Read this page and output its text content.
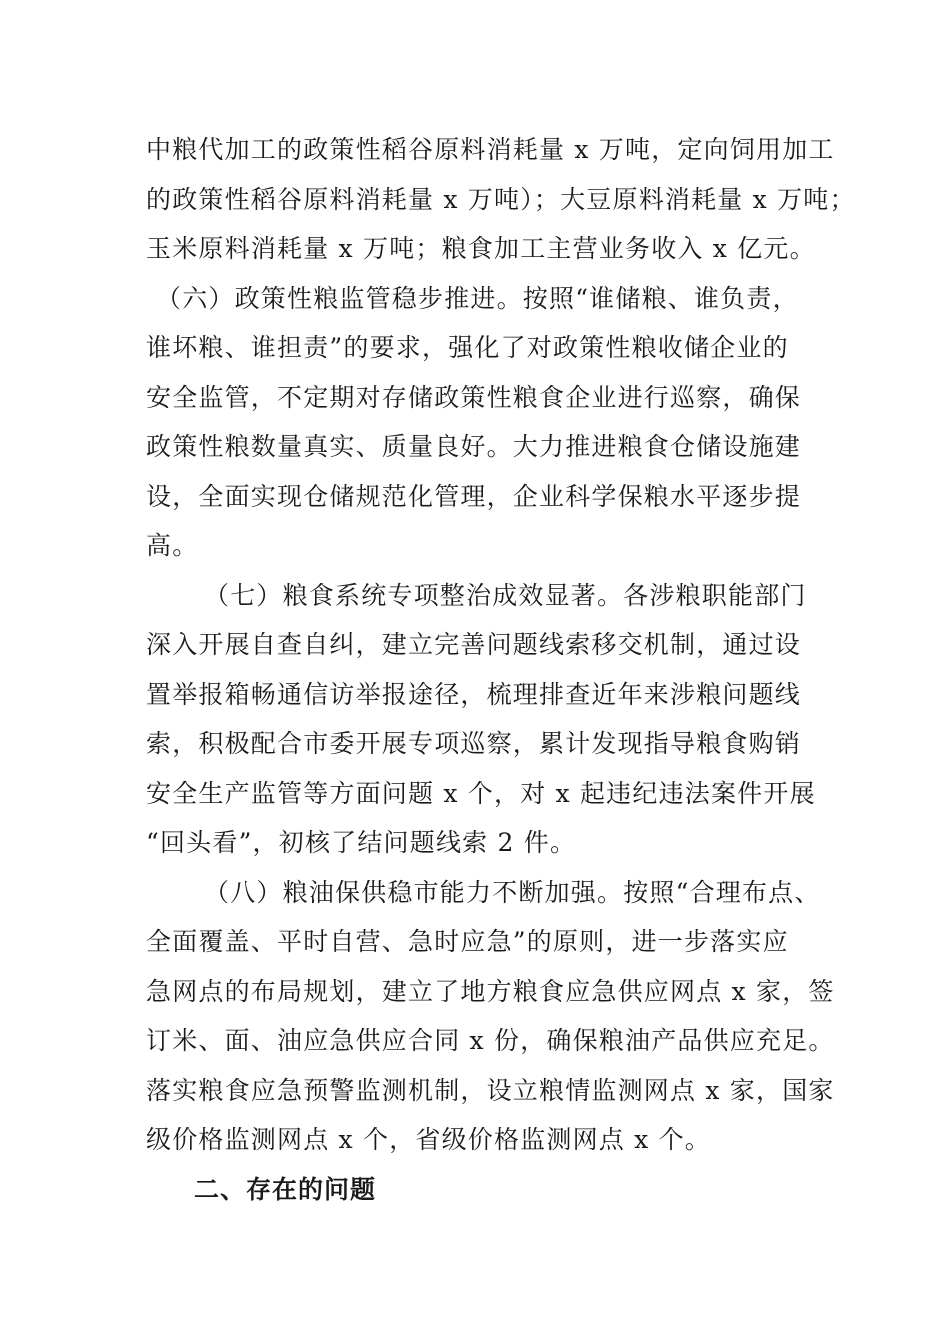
中粮代加工的政策性稻谷原料消耗量 x 万吨，定向饲用加工
的政策性稻谷原料消耗量 x 万吨）；大豆原料消耗量 x 万吨；
玉米原料消耗量 x 万吨；粮食加工主营业务收入 x 亿元。

（六）政策性粮监管稳步推进。按照“谁储粮、谁负责，
谁坏粮、谁担责”的要求，强化了对政策性粮收储企业的
安全监管，不定期对存储政策性粮食企业进行巡察，确保
政策性粮数量真实、质量良好。大力推进粮食仓储设施建
设，全面实现仓储规范化管理，企业科学保粮水平逐步提
高。

（七）粮食系统专项整治成效显著。各涉粮职能部门
深入开展自查自纠，建立完善问题线索移交机制，通过设
置举报箱畅通信访举报途径，梳理排查近年来涉粮问题线
索，积极配合市委开展专项巡察，累计发现指导粮食购销
安全生产监管等方面问题 x 个，对 x 起违纪违法案件开展
“回头看”，初核了结问题线索 2 件。

（八）粮油保供稳市能力不断加强。按照“合理布点、
全面覆盖、平时自营、急时应急”的原则，进一步落实应
急网点的布局规划，建立了地方粮食应急供应网点 x 家，签
订米、面、油应急供应合同 x 份，确保粮油产品供应充足。
落实粮食应急预警监测机制，设立粮情监测网点 x 家，国家
级价格监测网点 x 个，省级价格监测网点 x 个。

二、存在的问题
